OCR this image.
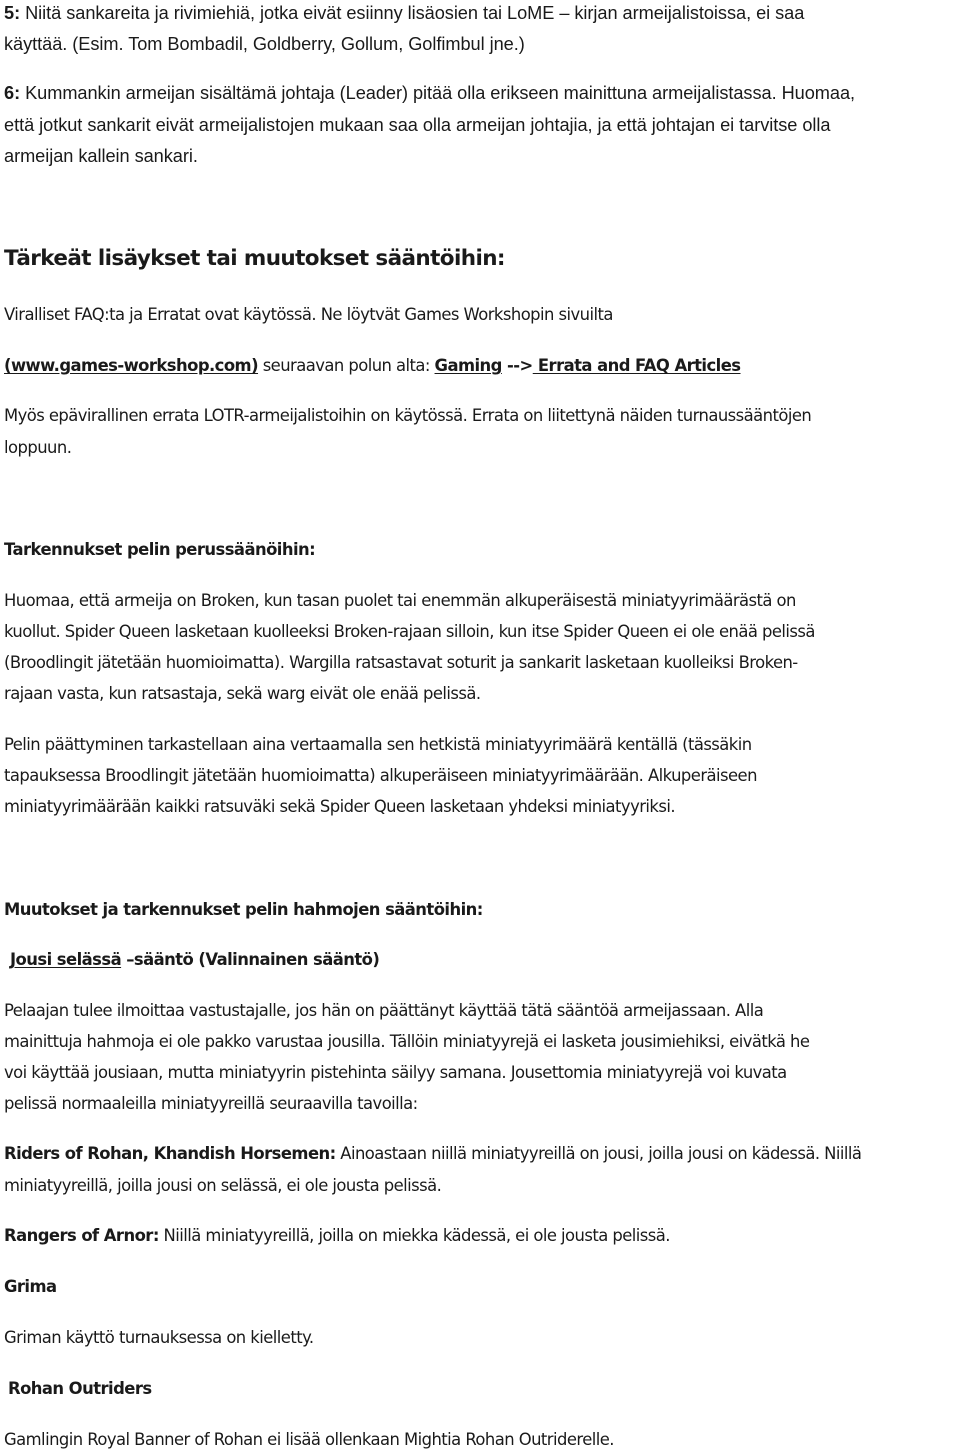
5: Niitä sankareita ja rivimiehiä, jotka eivät esiinny lisäosien tai LoME – kirjan armeijalistoissa, ei saa
käyttää. (Esim. Tom Bombadil, Goldberry, Gollum, Golfimbul jne.)
6: Kummankin armeijan sisältämä johtaja (Leader) pitää olla erikseen mainittuna armeijalistassa. Huomaa,
että jotkut sankarit eivät armeijalistojen mukaan saa olla armeijan johtajia, ja että johtajan ei tarvitse olla
armeijan kallein sankari.
Tärkeät lisäykset tai muutokset sääntöihin:
Viralliset FAQ:ta ja Erratat ovat käytössä. Ne löytvät Games Workshopin sivuilta
(www.games-workshop.com) seuraavan polun alta: Gaming --> Errata and FAQ Articles
Myös epävirallinen errata LOTR-armeijalistoihin on käytössä. Errata on liitettynä näiden turnaussääntöjen
loppuun.
Tarkennukset pelin perussäänöihin:
Huomaa, että armeija on Broken, kun tasan puolet tai enemmän alkuperäisestä miniatyyrimäärästä on
kuollut. Spider Queen lasketaan kuolleeksi Broken-rajaan silloin, kun itse Spider Queen ei ole enää pelissä
(Broodlingit jätetään huomioimatta). Wargilla ratsastavat soturit ja sankarit lasketaan kuolleiksi Broken-
rajaan vasta, kun ratsastaja, sekä warg eivät ole enää pelissä.
Pelin päättyminen tarkastellaan aina vertaamalla sen hetkistä miniatyyrimäärä kentällä (tässäkin
tapauksessa Broodlingit jätetään huomioimatta) alkuperäiseen miniatyyrimäärään. Alkuperäiseen
miniatyyrimäärään kaikki ratsuväki sekä Spider Queen lasketaan yhdeksi miniatyyriksi.
Muutokset ja tarkennukset pelin hahmojen sääntöihin:
Jousi selässä –sääntö (Valinnainen sääntö)
Pelaajan tulee ilmoittaa vastustajalle, jos hän on päättänyt käyttää tätä sääntöä armeijassaan. Alla
mainittuja hahmoja ei ole pakko varustaa jousilla. Tällöin miniatyyrejä ei lasketa jousimiehiksi, eivätkä he
voi käyttää jousiaan, mutta miniatyyrin pistehinta säilyy samana. Jousettomia miniatyyrejä voi kuvata
pelissä normaaleilla miniatyyreillä seuraavilla tavoilla:
Riders of Rohan, Khandish Horsemen: Ainoastaan niillä miniatyyreillä on jousi, joilla jousi on kädessä. Niillä
miniatyyreillä, joilla jousi on selässä, ei ole jousta pelissä.
Rangers of Arnor: Niillä miniatyyreillä, joilla on miekka kädessä, ei ole jousta pelissä.
Grima
Griman käyttö turnauksessa on kielletty.
Rohan Outriders
Gamlingin Royal Banner of Rohan ei lisää ollenkaan Mightia Rohan Outriderelle.
